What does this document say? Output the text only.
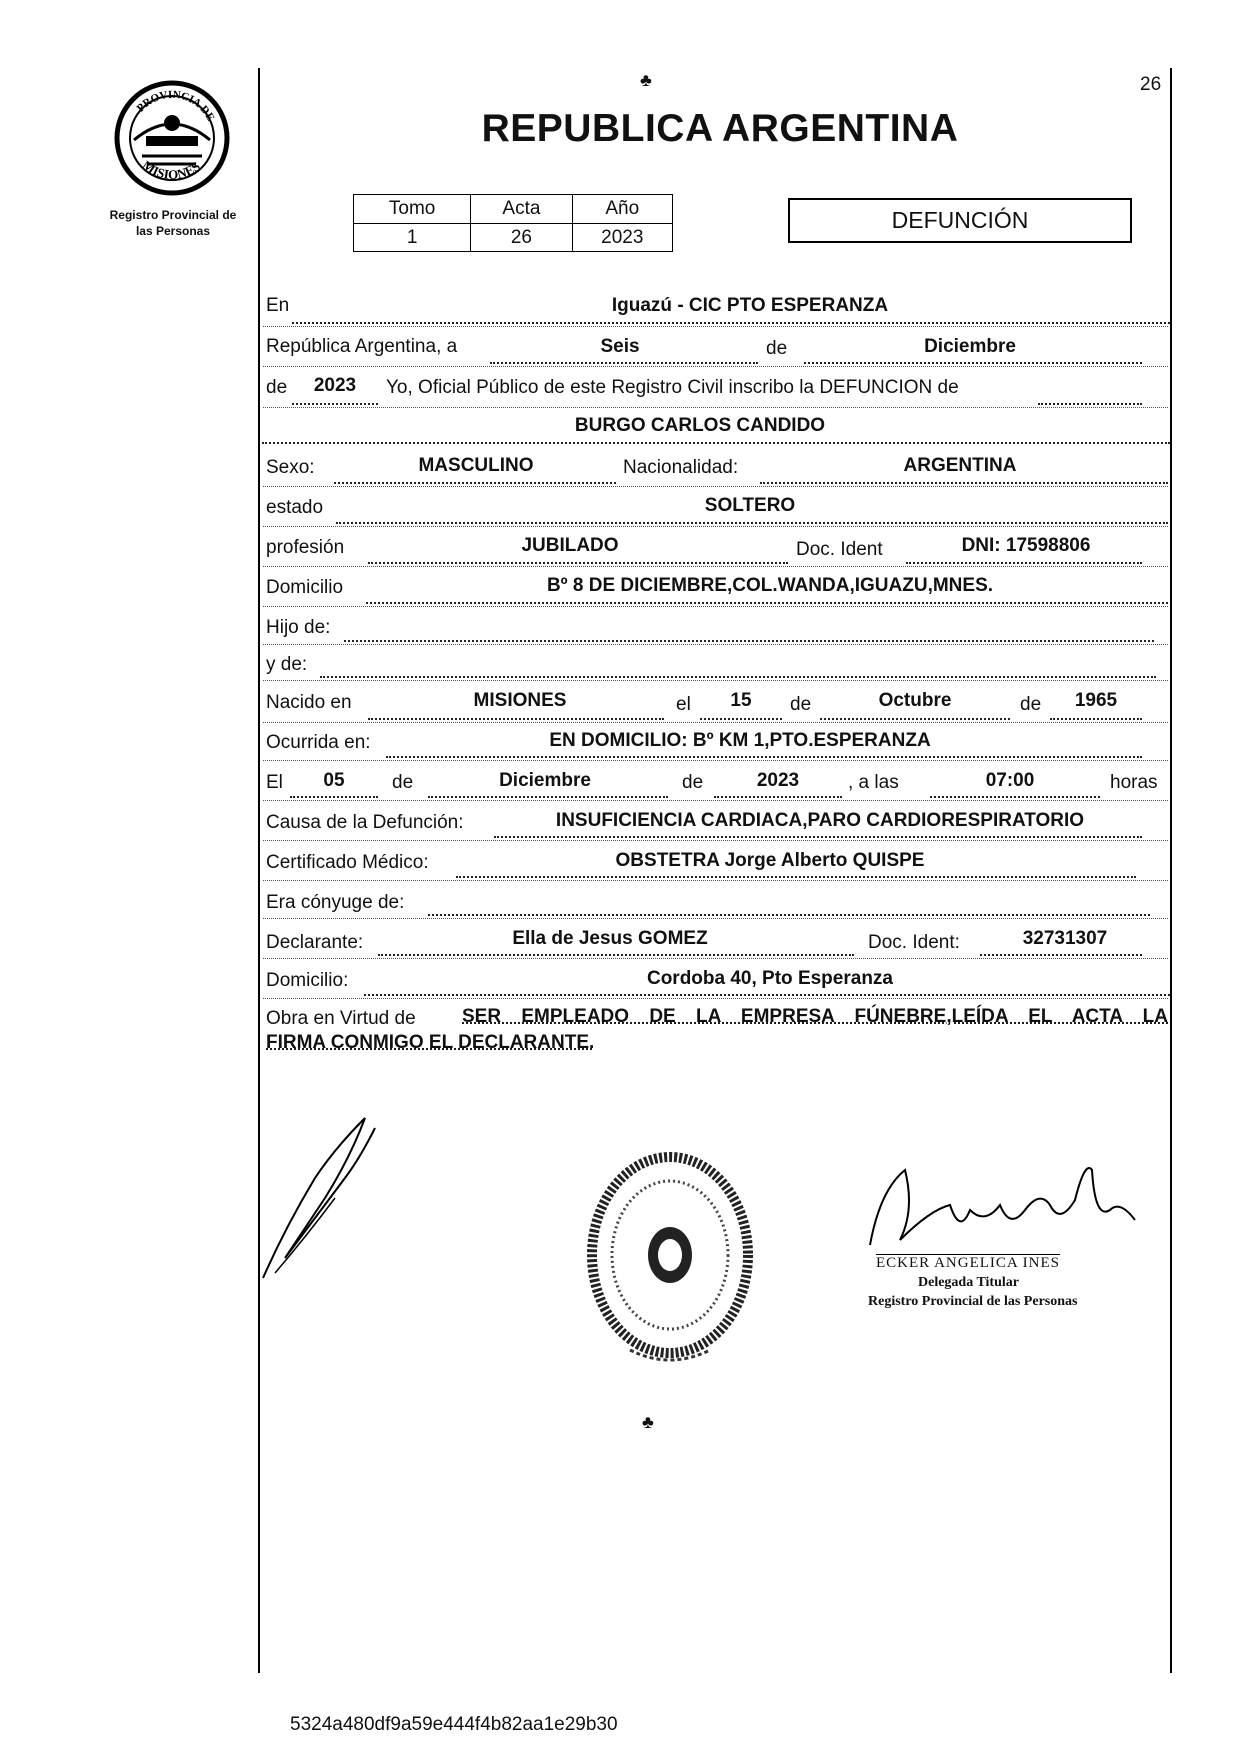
26
♣
♣
PROVINCIA DE
MISIONES
Registro Provincial de
las Personas
REPUBLICA ARGENTINA
Tomo	Acta	Año
1	26	2023
DEFUNCIÓN
En	Iguazú - CIC PTO ESPERANZA
República Argentina, a	Seis	de	Diciembre
de	2023	Yo, Oficial Público de este Registro Civil inscribo la DEFUNCION de
BURGO CARLOS CANDIDO
Sexo:	MASCULINO	Nacionalidad:	ARGENTINA
estado	SOLTERO
profesión	JUBILADO	Doc. Ident	DNI: 17598806
Domicilio	Bº 8 DE DICIEMBRE,COL.WANDA,IGUAZU,MNES.
Hijo de:
y de:
Nacido en	MISIONES	el	15	de	Octubre	de	1965
Ocurrida en:	EN DOMICILIO: Bº KM 1,PTO.ESPERANZA
El	05	de	Diciembre	de	2023	, a las	07:00	horas
Causa de la Defunción:	INSUFICIENCIA CARDIACA,PARO CARDIORESPIRATORIO
Certificado Médico:	OBSTETRA Jorge Alberto QUISPE
Era cónyuge de:
Declarante:	Ella de Jesus GOMEZ	Doc. Ident:	32731307
Domicilio:	Cordoba 40, Pto Esperanza
Obra en Virtud de SER EMPLEADO DE LA EMPRESA FÚNEBRE,LEÍDA EL ACTA LA
FIRMA CONMIGO EL DECLARANTE.
ECKER ANGELICA INES
Delegada Titular
Registro Provincial de las Personas
5324a480df9a59e444f4b82aa1e29b30
